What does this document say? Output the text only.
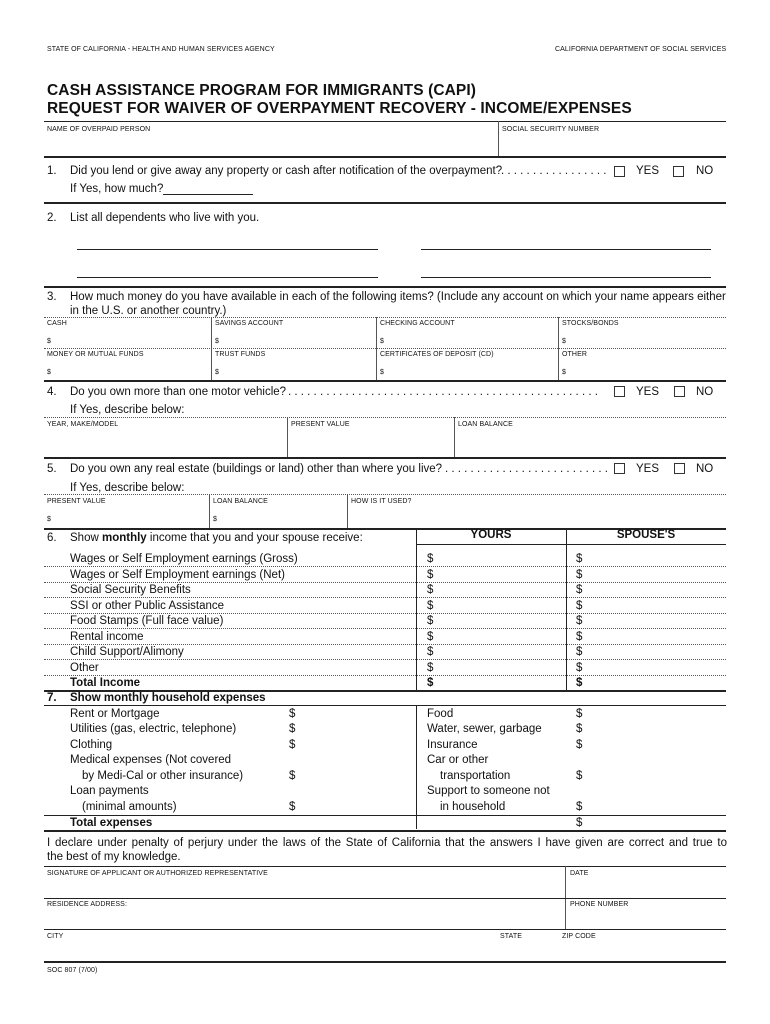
STATE OF CALIFORNIA - HEALTH AND HUMAN SERVICES AGENCY	CALIFORNIA DEPARTMENT OF SOCIAL SERVICES
CASH ASSISTANCE PROGRAM FOR IMMIGRANTS (CAPI)
REQUEST FOR WAIVER OF OVERPAYMENT RECOVERY - INCOME/EXPENSES
NAME OF OVERPAID PERSON	SOCIAL SECURITY NUMBER
1. Did you lend or give away any property or cash after notification of the overpayment?
. . . . . . . . . . . . . . . . .	YES	NO
If Yes, how much?
2. List all dependents who live with you.
3. How much money do you have available in each of the following items? (Include any account on which your name appears either
in the U.S. or another country.)
CASH	SAVINGS ACCOUNT	CHECKING ACCOUNT	STOCKS/BONDS
$	$	$	$
MONEY OR MUTUAL FUNDS	TRUST FUNDS	CERTIFICATES OF DEPOSIT (CD)	OTHER
$	$	$	$
4. Do you own more than one motor vehicle? . . . . . . . . . . . . . . . . . . . . . . . . . . . . . . . . . . . . . . . . . . . . . . . . .	YES	NO
If Yes, describe below:
YEAR, MAKE/MODEL	PRESENT VALUE	LOAN BALANCE
5. Do you own any real estate (buildings or land) other than where you live? . . . . . . . . . . . . . . . . . . . . . . . . . . YES	NO
If Yes, describe below:
PRESENT VALUE	LOAN BALANCE	HOW IS IT USED?
$	$
YOURS	SPOUSE'S
6. Show monthly income that you and your spouse receive:
Wages or Self Employment earnings (Gross)	$	$
Wages or Self Employment earnings (Net)	$	$
Social Security Benefits	$	$
SSI or other Public Assistance	$	$
Food Stamps (Full face value)	$	$
Rental income	$	$
Child Support/Alimony	$	$
Other	$	$
Total Income	$	$
7. Show monthly household expenses
Rent or Mortgage	$	Food	$
Utilities (gas, electric, telephone)	$	Water, sewer, garbage	$
Clothing	$	Insurance	$
Medical expenses (Not covered	Car or other
by Medi-Cal or other insurance)	$	transportation	$
Loan payments	Support to someone not
(minimal amounts)	$	in household	$
Total expenses	$
I declare under penalty of perjury under the laws of the State of California that the answers I have given are correct and true to
the best of my knowledge.
SIGNATURE OF APPLICANT OR AUTHORIZED REPRESENTATIVE	DATE
RESIDENCE ADDRESS:	PHONE NUMBER
CITY	STATE	ZIP CODE
SOC 807 (7/00)
